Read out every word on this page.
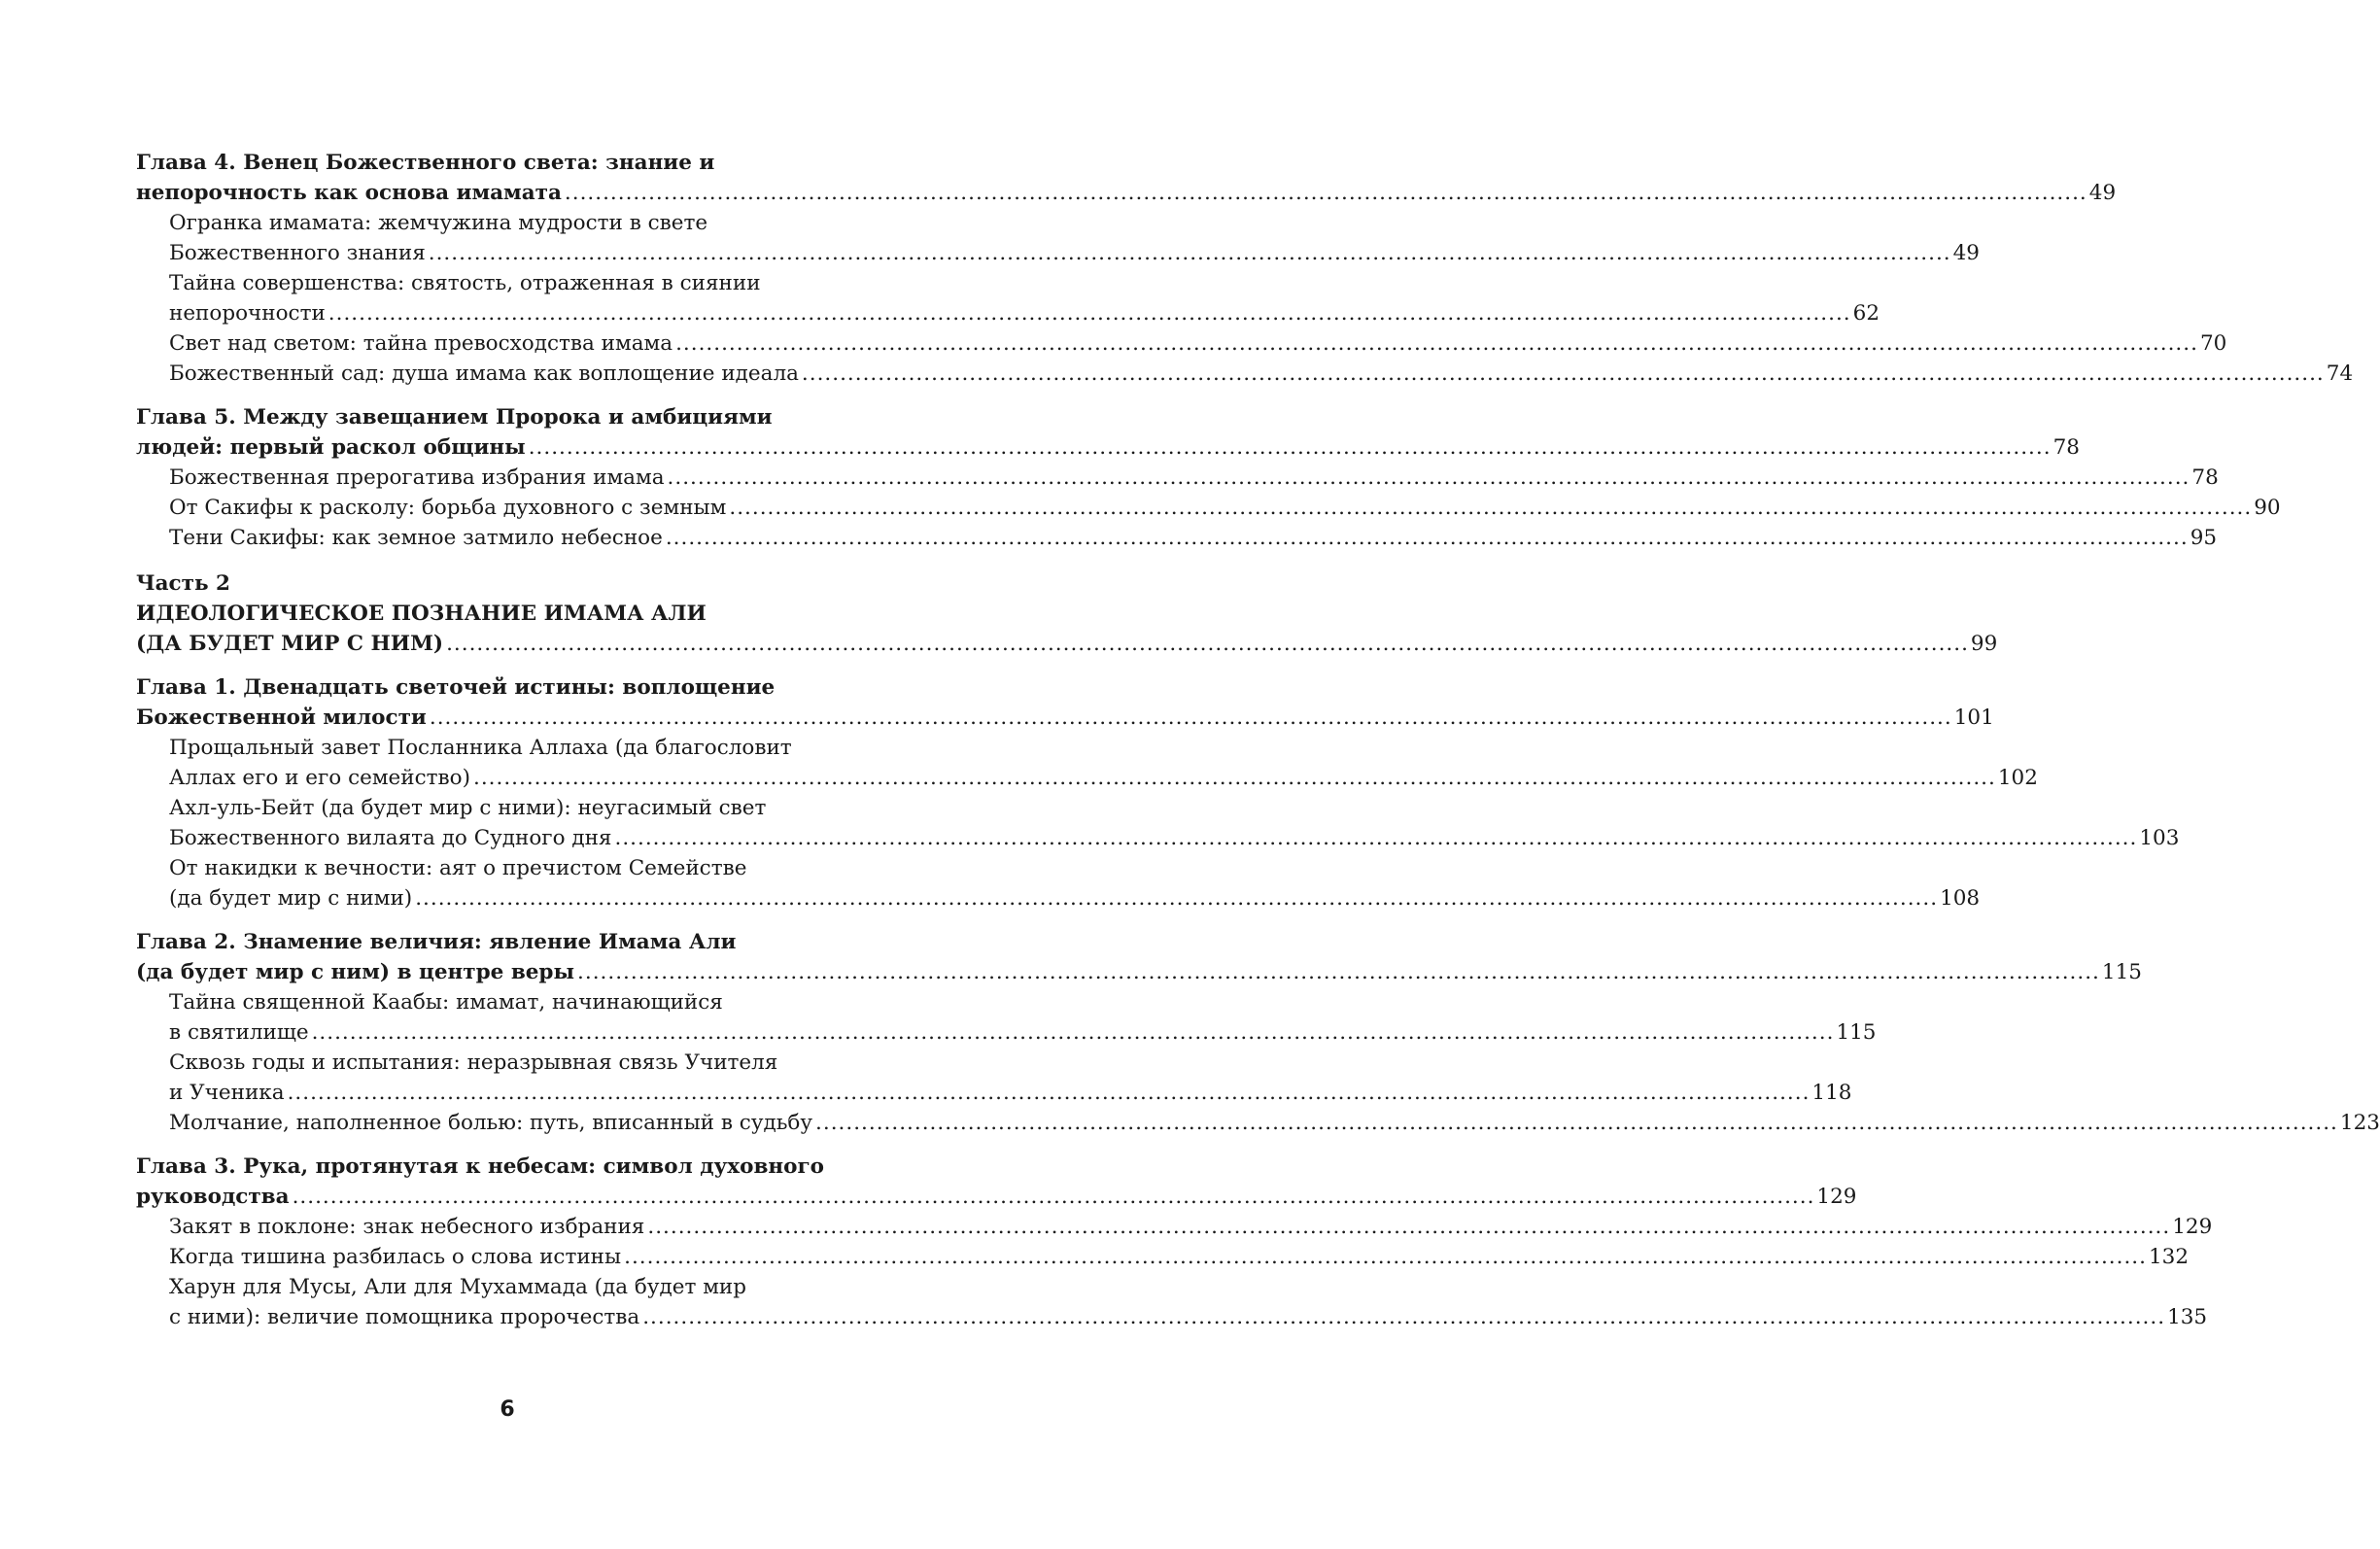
Глава 4. Венец Божественного света: знание и
непорочность как основа имамата ........................................................................................................................................................................................................ 49
Огранка имамата: жемчужина мудрости в свете
Божественного знания ........................................................................................................................................................................................................ 49
Тайна совершенства: святость, отраженная в сиянии
непорочности ........................................................................................................................................................................................................ 62
Свет над светом: тайна превосходства имама ........................................................................................................................................................................................................ 70
Божественный сад: душа имама как воплощение идеала ........................................................................................................................................................................................................ 74
Глава 5. Между завещанием Пророка и амбициями
людей: первый раскол общины ........................................................................................................................................................................................................ 78
Божественная прерогатива избрания имама ........................................................................................................................................................................................................ 78
От Сакифы к расколу: борьба духовного с земным ........................................................................................................................................................................................................ 90
Тени Сакифы: как земное затмило небесное ........................................................................................................................................................................................................ 95
Часть 2
ИДЕОЛОГИЧЕСКОЕ ПОЗНАНИЕ ИМАМА АЛИ
(ДА БУДЕТ МИР С НИМ) ........................................................................................................................................................................................................ 99
Глава 1. Двенадцать светочей истины: воплощение
Божественной милости ........................................................................................................................................................................................................ 101
Прощальный завет Посланника Аллаха (да благословит
Аллах его и его семейство) ........................................................................................................................................................................................................ 102
Ахл-уль-Бейт (да будет мир с ними): неугасимый свет
Божественного вилаята до Судного дня ........................................................................................................................................................................................................ 103
От накидки к вечности: аят о пречистом Семействе
(да будет мир с ними) ........................................................................................................................................................................................................ 108
Глава 2. Знамение величия: явление Имама Али
(да будет мир с ним) в центре веры ........................................................................................................................................................................................................ 115
Тайна священной Каабы: имамат, начинающийся
в святилище ........................................................................................................................................................................................................ 115
Сквозь годы и испытания: неразрывная связь Учителя
и Ученика ........................................................................................................................................................................................................ 118
Молчание, наполненное болью: путь, вписанный в судьбу ........................................................................................................................................................................................................ 123
Глава 3. Рука, протянутая к небесам: символ духовного
руководства ........................................................................................................................................................................................................ 129
Закят в поклоне: знак небесного избрания ........................................................................................................................................................................................................ 129
Когда тишина разбилась о слова истины ........................................................................................................................................................................................................ 132
Харун для Мусы, Али для Мухаммада (да будет мир
с ними): величие помощника пророчества ........................................................................................................................................................................................................ 135
6
